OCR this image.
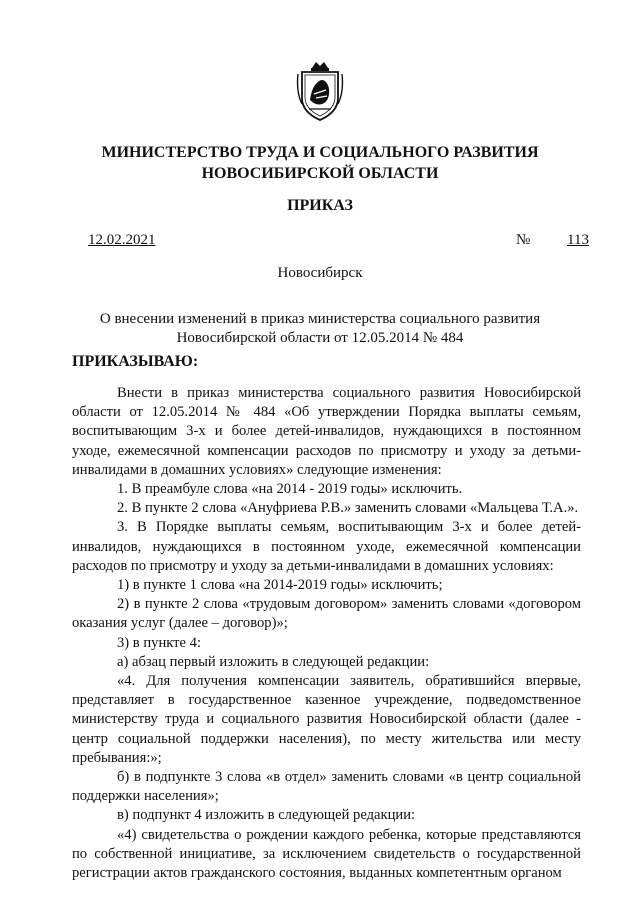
МИНИСТЕРСТВО ТРУДА И СОЦИАЛЬНОГО РАЗВИТИЯ
НОВОСИБИРСКОЙ ОБЛАСТИ
ПРИКАЗ
12.02.2021	№ 113
Новосибирск
О внесении изменений в приказ министерства социального развития
Новосибирской области от 12.05.2014 № 484
ПРИКАЗЫВАЮ:

Внести в приказ министерства социального развития Новосибирской области от 12.05.2014 № 484 «Об утверждении Порядка выплаты семьям, воспитывающим 3-х и более детей-инвалидов, нуждающихся в постоянном уходе, ежемесячной компенсации расходов по присмотру и уходу за детьми-инвалидами в домашних условиях» следующие изменения:

1. В преамбуле слова «на 2014 - 2019 годы» исключить.

2. В пункте 2 слова «Ануфриева Р.В.» заменить словами «Мальцева Т.А.».

3. В Порядке выплаты семьям, воспитывающим 3-х и более детей-инвалидов, нуждающихся в постоянном уходе, ежемесячной компенсации расходов по присмотру и уходу за детьми-инвалидами в домашних условиях:

1) в пункте 1 слова «на 2014-2019 годы» исключить;

2) в пункте 2 слова «трудовым договором» заменить словами «договором оказания услуг (далее – договор)»;

3) в пункте 4:

а) абзац первый изложить в следующей редакции:

«4. Для получения компенсации заявитель, обратившийся впервые, представляет в государственное казенное учреждение, подведомственное министерству труда и социального развития Новосибирской области (далее - центр социальной поддержки населения), по месту жительства или месту пребывания:»;

б) в подпункте 3 слова «в отдел» заменить словами «в центр социальной поддержки населения»;

в) подпункт 4 изложить в следующей редакции:

«4) свидетельства о рождении каждого ребенка, которые представляются по собственной инициативе, за исключением свидетельств о государственной регистрации актов гражданского состояния, выданных компетентным органом
